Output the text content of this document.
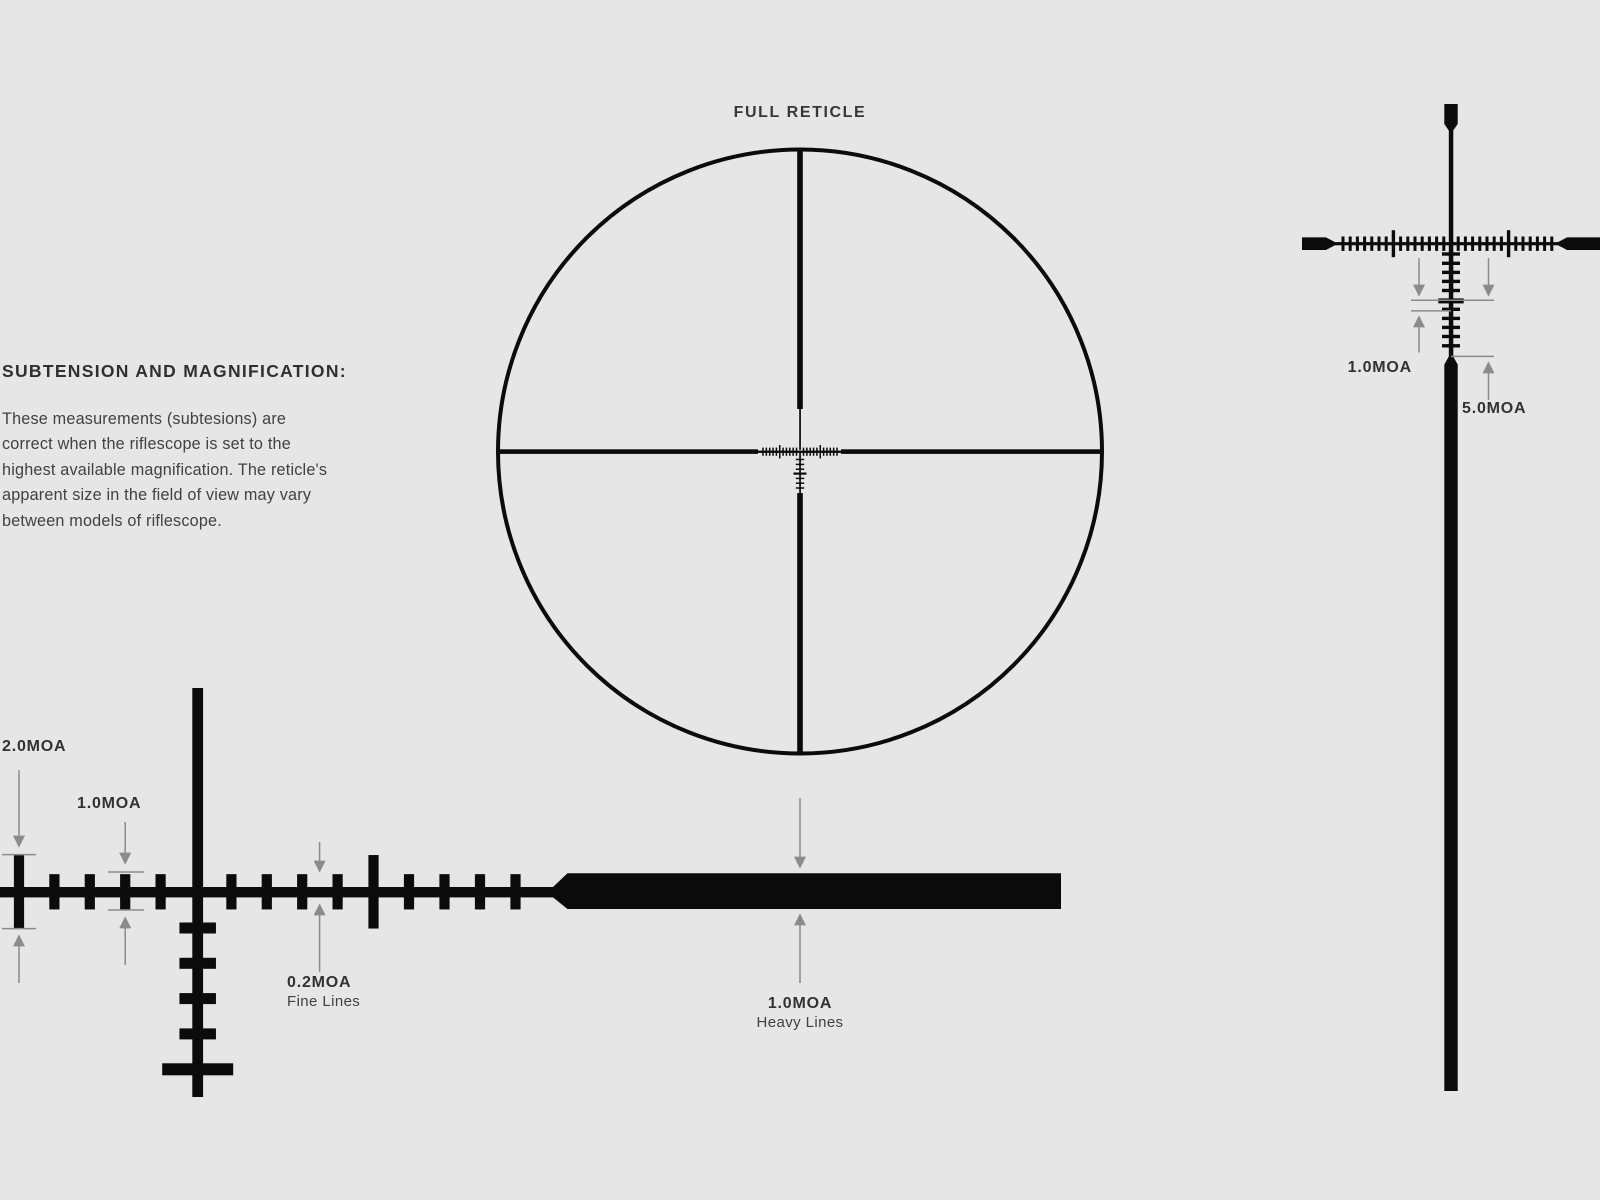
FULL RETICLE
SUBTENSION AND MAGNIFICATION:
These measurements (subtesions) are
correct when the riflescope is set to the
highest available magnification. The reticle's
apparent size in the field of view may vary
between models of riflescope.
2.0MOA
1.0MOA
0.2MOA
Fine Lines	1.0MOA
Heavy Lines
1.0MOA
5.0MOA
